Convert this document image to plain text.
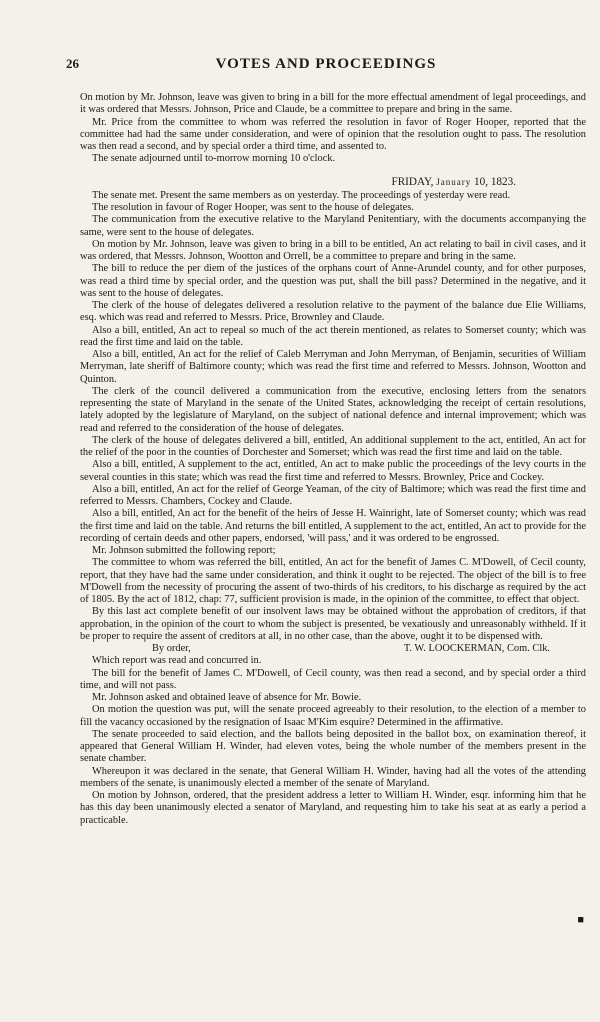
26	VOTES AND PROCEEDINGS

On motion by Mr. Johnson, leave was given to bring in a bill for the more effectual amendment of legal proceedings, and it was ordered that Messrs. Johnson, Price and Claude, be a committee to prepare and bring in the same.

Mr. Price from the committee to whom was referred the resolution in favor of Roger Hooper, reported that the committee had had the same under consideration, and were of opinion that the resolution ought to pass. The resolution was then read a second, and by special order a third time, and assented to.

The senate adjourned until to-morrow morning 10 o'clock.

FRIDAY, January 10, 1823.

The senate met. Present the same members as on yesterday. The proceedings of yesterday were read.

The resolution in favour of Roger Hooper, was sent to the house of delegates.

The communication from the executive relative to the Maryland Penitentiary, with the documents accompanying the same, were sent to the house of delegates.

On motion by Mr. Johnson, leave was given to bring in a bill to be entitled, An act relating to bail in civil cases, and it was ordered, that Messrs. Johnson, Wootton and Orrell, be a committee to prepare and bring in the same.

The bill to reduce the per diem of the justices of the orphans court of Anne-Arundel county, and for other purposes, was read a third time by special order, and the question was put, shall the bill pass? Determined in the negative, and it was sent to the house of delegates.

The clerk of the house of delegates delivered a resolution relative to the payment of the balance due Elie Williams, esq. which was read and referred to Messrs. Price, Brownley and Claude.

Also a bill, entitled, An act to repeal so much of the act therein mentioned, as relates to Somerset county; which was read the first time and laid on the table.

Also a bill, entitled, An act for the relief of Caleb Merryman and John Merryman, of Benjamin, securities of William Merryman, late sheriff of Baltimore county; which was read the first time and referred to Messrs. Johnson, Wootton and Quinton.

The clerk of the council delivered a communication from the executive, enclosing letters from the senators representing the state of Maryland in the senate of the United States, acknowledging the receipt of certain resolutions, lately adopted by the legislature of Maryland, on the subject of national defence and internal improvement; which was read and referred to the consideration of the house of delegates.

The clerk of the house of delegates delivered a bill, entitled, An additional supplement to the act, entitled, An act for the relief of the poor in the counties of Dorchester and Somerset; which was read the first time and laid on the table.

Also a bill, entitled, A supplement to the act, entitled, An act to make public the proceedings of the levy courts in the several counties in this state; which was read the first time and referred to Messrs. Brownley, Price and Cockey.

Also a bill, entitled, An act for the relief of George Yeaman, of the city of Baltimore; which was read the first time and referred to Messrs. Chambers, Cockey and Claude.

Also a bill, entitled, An act for the benefit of the heirs of Jesse H. Wainright, late of Somerset county; which was read the first time and laid on the table. And returns the bill entitled, A supplement to the act, entitled, An act to provide for the recording of certain deeds and other papers, endorsed, 'will pass,' and it was ordered to be engrossed.

Mr. Johnson submitted the following report;

The committee to whom was referred the bill, entitled, An act for the benefit of James C. M'Dowell, of Cecil county, report, that they have had the same under consideration, and think it ought to be rejected. The object of the bill is to free M'Dowell from the necessity of procuring the assent of two-thirds of his creditors, to his discharge as required by the act of 1805. By the act of 1812, chap: 77, sufficient provision is made, in the opinion of the committee, to effect that object.

By this last act complete benefit of our insolvent laws may be obtained without the approbation of creditors, if that approbation, in the opinion of the court to whom the subject is presented, be vexatiously and unreasonably withheld. If it be proper to require the assent of creditors at all, in no other case, than the above, ought it to be dispensed with.

By order,	T. W. LOOCKERMAN, Com. Clk.

Which report was read and concurred in.

The bill for the benefit of James C. M'Dowell, of Cecil county, was then read a second, and by special order a third time, and will not pass.

Mr. Johnson asked and obtained leave of absence for Mr. Bowie.

On motion the question was put, will the senate proceed agreeably to their resolution, to the election of a member to fill the vacancy occasioned by the resignation of Isaac M'Kim esquire? Determined in the affirmative.

The senate proceeded to said election, and the ballots being deposited in the ballot box, on examination thereof, it appeared that General William H. Winder, had eleven votes, being the whole number of the members present in the senate chamber.

Whereupon it was declared in the senate, that General William H. Winder, having had all the votes of the attending members of the senate, is unanimously elected a member of the senate of Maryland.

On motion by Johnson, ordered, that the president address a letter to William H. Winder, esqr. informing him that he has this day been unanimously elected a senator of Maryland, and requesting him to take his seat at as early a period a practicable.

■
